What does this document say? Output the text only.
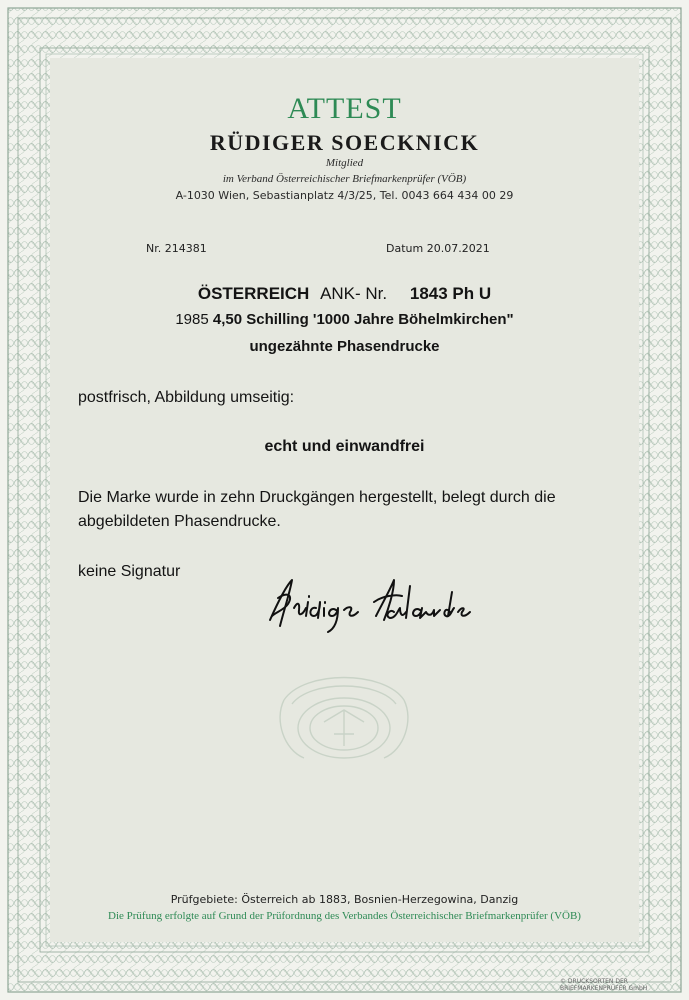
ATTEST
RÜDIGER SOECKNICK
Mitglied
im Verband Österreichischer Briefmarkenprüfer (VÖB)
A-1030 Wien, Sebastianplatz 4/3/25, Tel. 0043 664 434 00 29
Nr. 214381	Datum 20.07.2021
ÖSTERREICH ANK- Nr. 1843 Ph U
1985 4,50 Schilling '1000 Jahre Böhelmkirchen"
ungezähnte Phasendrucke
postfrisch, Abbildung umseitig:
echt und einwandfrei
Die Marke wurde in zehn Druckgängen hergestellt, belegt durch die abgebildeten Phasendrucke.
keine Signatur
Prüfgebiete: Österreich ab 1883, Bosnien-Herzegowina, Danzig
Die Prüfung erfolgte auf Grund der Prüfordnung des Verbandes Österreichischer Briefmarkenprüfer (VÖB)
© DRUCKSORTEN DER BRIEFMARKENPRÜFER GmbH
